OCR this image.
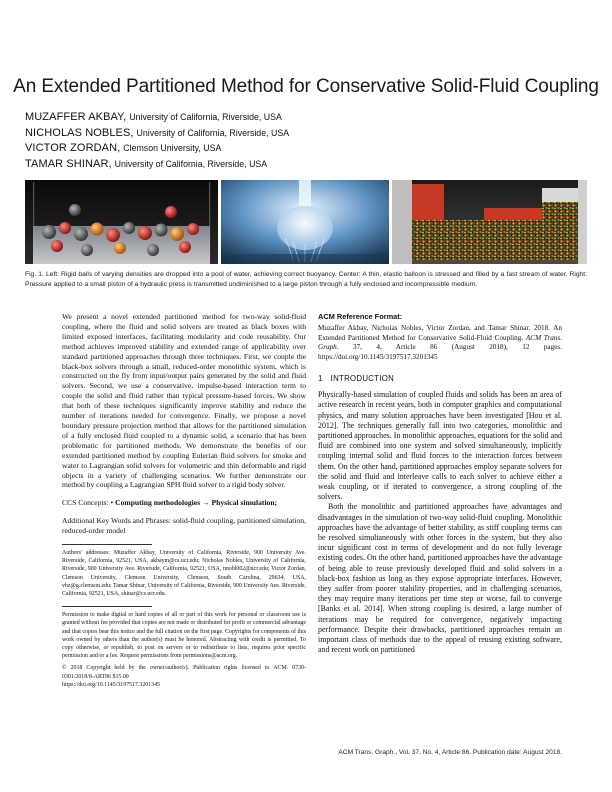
An Extended Partitioned Method for Conservative Solid-Fluid Coupling
MUZAFFER AKBAY, University of California, Riverside, USA
NICHOLAS NOBLES, University of California, Riverside, USA
VICTOR ZORDAN, Clemson University, USA
TAMAR SHINAR, University of California, Riverside, USA
Fig. 1. Left: Rigid balls of varying densities are dropped into a pool of water, achieving correct buoyancy. Center: A thin, elastic balloon is stressed and filled by a fast stream of water. Right: Pressure applied to a small piston of a hydraulic press is transmitted undiminished to a large piston through a fully enclosed and incompressible medium.

We present a novel extended partitioned method for two-way solid-fluid coupling, where the fluid and solid solvers are treated as black boxes with limited exposed interfaces, facilitating modularity and code reusability. Our method achieves improved stability and extended range of applicability over standard partitioned approaches through three techniques. First, we couple the black-box solvers through a small, reduced-order monolithic system, which is constructed on the fly from input/output pairs generated by the solid and fluid solvers. Second, we use a conservative, impulse-based interaction term to couple the solid and fluid rather than typical pressure-based forces. We show that both of these techniques significantly improve stability and reduce the number of iterations needed for convergence. Finally, we propose a novel boundary pressure projection method that allows for the partitioned simulation of a fully enclosed fluid coupled to a dynamic solid, a scenario that has been problematic for partitioned methods. We demonstrate the benefits of our extended partitioned method by coupling Eulerian fluid solvers for smoke and water to Lagrangian solid solvers for volumetric and thin deformable and rigid objects in a variety of challenging scenarios. We further demonstrate our method by coupling a Lagrangian SPH fluid solver to a rigid body solver.

CCS Concepts: • Computing methodologies → Physical simulation;

Additional Key Words and Phrases: solid-fluid coupling, partitioned simulation, reduced-order model

Authors' addresses: Muzaffer Akbay, University of California, Riverside, 900 University Ave. Riverside, California, 92521, USA, akbaym@cs.ucr.edu; Nicholas Nobles, University of California, Riverside, 900 University Ave. Riverside, California, 92521, USA, nnobl002@ucr.edu; Victor Zordan, Clemson University, Clemson University, Clemson, South Carolina, 29634, USA, vbz@g.clemson.edu; Tamar Shinar, University of California, Riverside, 900 University Ave. Riverside, California, 92521, USA, shinar@cs.ucr.edu.

Permission to make digital or hard copies of all or part of this work for personal or classroom use is granted without fee provided that copies are not made or distributed for profit or commercial advantage and that copies bear this notice and the full citation on the first page. Copyrights for components of this work owned by others than the author(s) must be honored. Abstracting with credit is permitted. To copy otherwise, or republish, to post on servers or to redistribute to lists, requires prior specific permission and/or a fee. Request permissions from permissions@acm.org.

© 2018 Copyright held by the owner/author(s). Publication rights licensed to ACM. 0730-0301/2018/8-ART86 $15.00

https://doi.org/10.1145/3197517.3201345

ACM Reference Format:

Muzaffer Akbay, Nicholas Nobles, Victor Zordan, and Tamar Shinar. 2018. An Extended Partitioned Method for Conservative Solid-Fluid Coupling. ACM Trans. Graph. 37, 4, Article 86 (August 2018), 12 pages. https://doi.org/10.1145/3197517.3201345

1 INTRODUCTION

Physically-based simulation of coupled fluids and solids has been an area of active research in recent years, both in computer graphics and computational physics, and many solution approaches have been investigated [Hou et al. 2012]. The techniques generally fall into two categories, monolithic and partitioned approaches. In monolithic approaches, equations for the solid and fluid are combined into one system and solved simultaneously, implicitly coupling internal solid and fluid forces to the interaction forces between them. On the other hand, partitioned approaches employ separate solvers for the solid and fluid and interleave calls to each solver to achieve either a weak coupling, or if iterated to convergence, a strong coupling of the solvers.

Both the monolithic and partitioned approaches have advantages and disadvantages in the simulation of two-way solid-fluid coupling. Monolithic approaches have the advantage of better stability, as stiff coupling terms can be resolved simultaneously with other forces in the system, but they also incur significant cost in terms of development and do not fully leverage existing codes. On the other hand, partitioned approaches have the advantage of being able to reuse previously developed fluid and solid solvers in a black-box fashion as long as they expose appropriate interfaces. However, they suffer from poorer stability properties, and in challenging scenarios, they may require many iterations per time step or worse, fail to converge [Banks et al. 2014]. When strong coupling is desired, a large number of iterations may be required for convergence, negatively impacting performance. Despite their drawbacks, partitioned approaches remain an important class of methods due to the appeal of reusing existing software, and recent work on partitioned

ACM Trans. Graph., Vol. 37, No. 4, Article 86. Publication date: August 2018.
